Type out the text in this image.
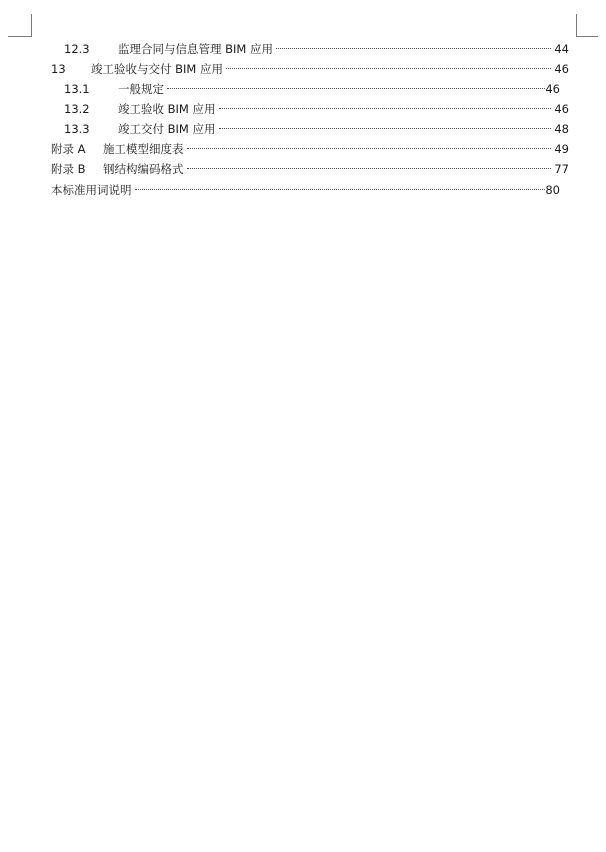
12.3	监理合同与信息管理 BIM 应用	44
13	竣工验收与交付 BIM 应用	46
13.1	一般规定	46
13.2	竣工验收 BIM 应用	46
13.3	竣工交付 BIM 应用	48
附录 A	施工模型细度表	49
附录 B	钢结构编码格式	77
本标准用词说明	80
